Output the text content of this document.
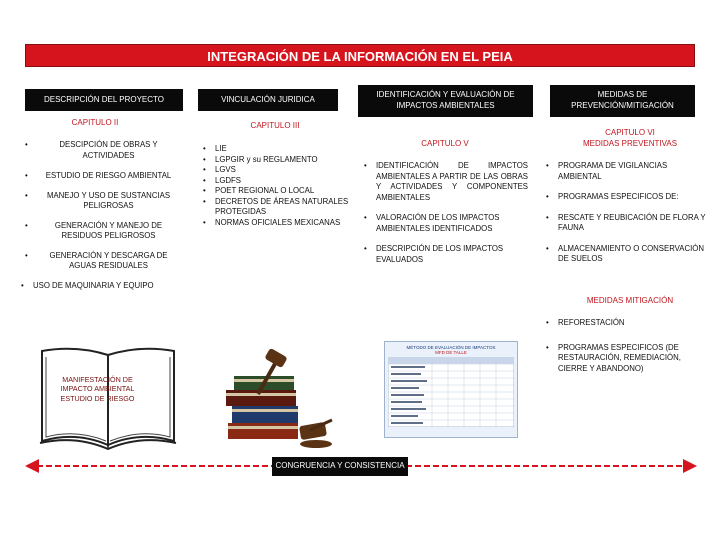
INTEGRACIÓN DE LA INFORMACIÓN EN EL PEIA
DESCRIPCIÓN DEL PROYECTO	VINCULACIÓN JURIDICA	IDENTIFICACIÓN Y EVALUACIÓN DE IMPACTOS AMBIENTALES
MEDIDAS DE PREVENCIÓN/MITIGACIÓN
CAPITULO II	CAPITULO III
CAPITULO V
CAPITULO VI
MEDIDAS PREVENTIVAS
• DESCIPCIÓN DE OBRAS Y ACTIVIDADES
• ESTUDIO DE RIESGO AMBIENTAL
• MANEJO Y USO DE SUSTANCIAS PELIGROSAS
• GENERACIÓN Y MANEJO DE RESIDUOS PELIGROSOS
• GENERACIÓN Y DESCARGA DE AGUAS RESIDUALES
• USO DE MAQUINARIA Y EQUIPO
• LIE
• LGPGIR y su REGLAMENTO
• LGVS
• LGDFS
• POET REGIONAL O LOCAL
• DECRETOS DE ÁREAS NATURALES PROTEGIDAS
• NORMAS OFICIALES MEXICANAS
• IDENTIFICACIÓN DE IMPACTOS AMBIENTALES A PARTIR DE LAS OBRAS Y ACTIVIDADES Y COMPONENTES AMBIENTALES
• VALORACIÓN DE LOS IMPACTOS AMBIENTALES IDENTIFICADOS
• DESCRIPCIÓN DE LOS IMPACTOS EVALUADOS
• PROGRAMA DE VIGILANCIAS AMBIENTAL
• PROGRAMAS ESPECIFICOS DE:
• RESCATE Y REUBICACIÓN DE FLORA Y FAUNA
• ALMACENAMIENTO O CONSERVACIÓN DE SUELOS
MEDIDAS MITIGACIÓN
• REFORESTACIÓN
• PROGRAMAS ESPECIFICOS (DE RESTAURACIÓN, REMEDIACIÓN, CIERRE Y ABANDONO)
MANIFESTACIÓN DE IMPACTO AMBIENTAL ESTUDIO DE RIESGO
MÉTODO DE EVALUACIÓN DE IMPACTOS
MFD DE TALLE
CONGRUENCIA Y CONSISTENCIA
